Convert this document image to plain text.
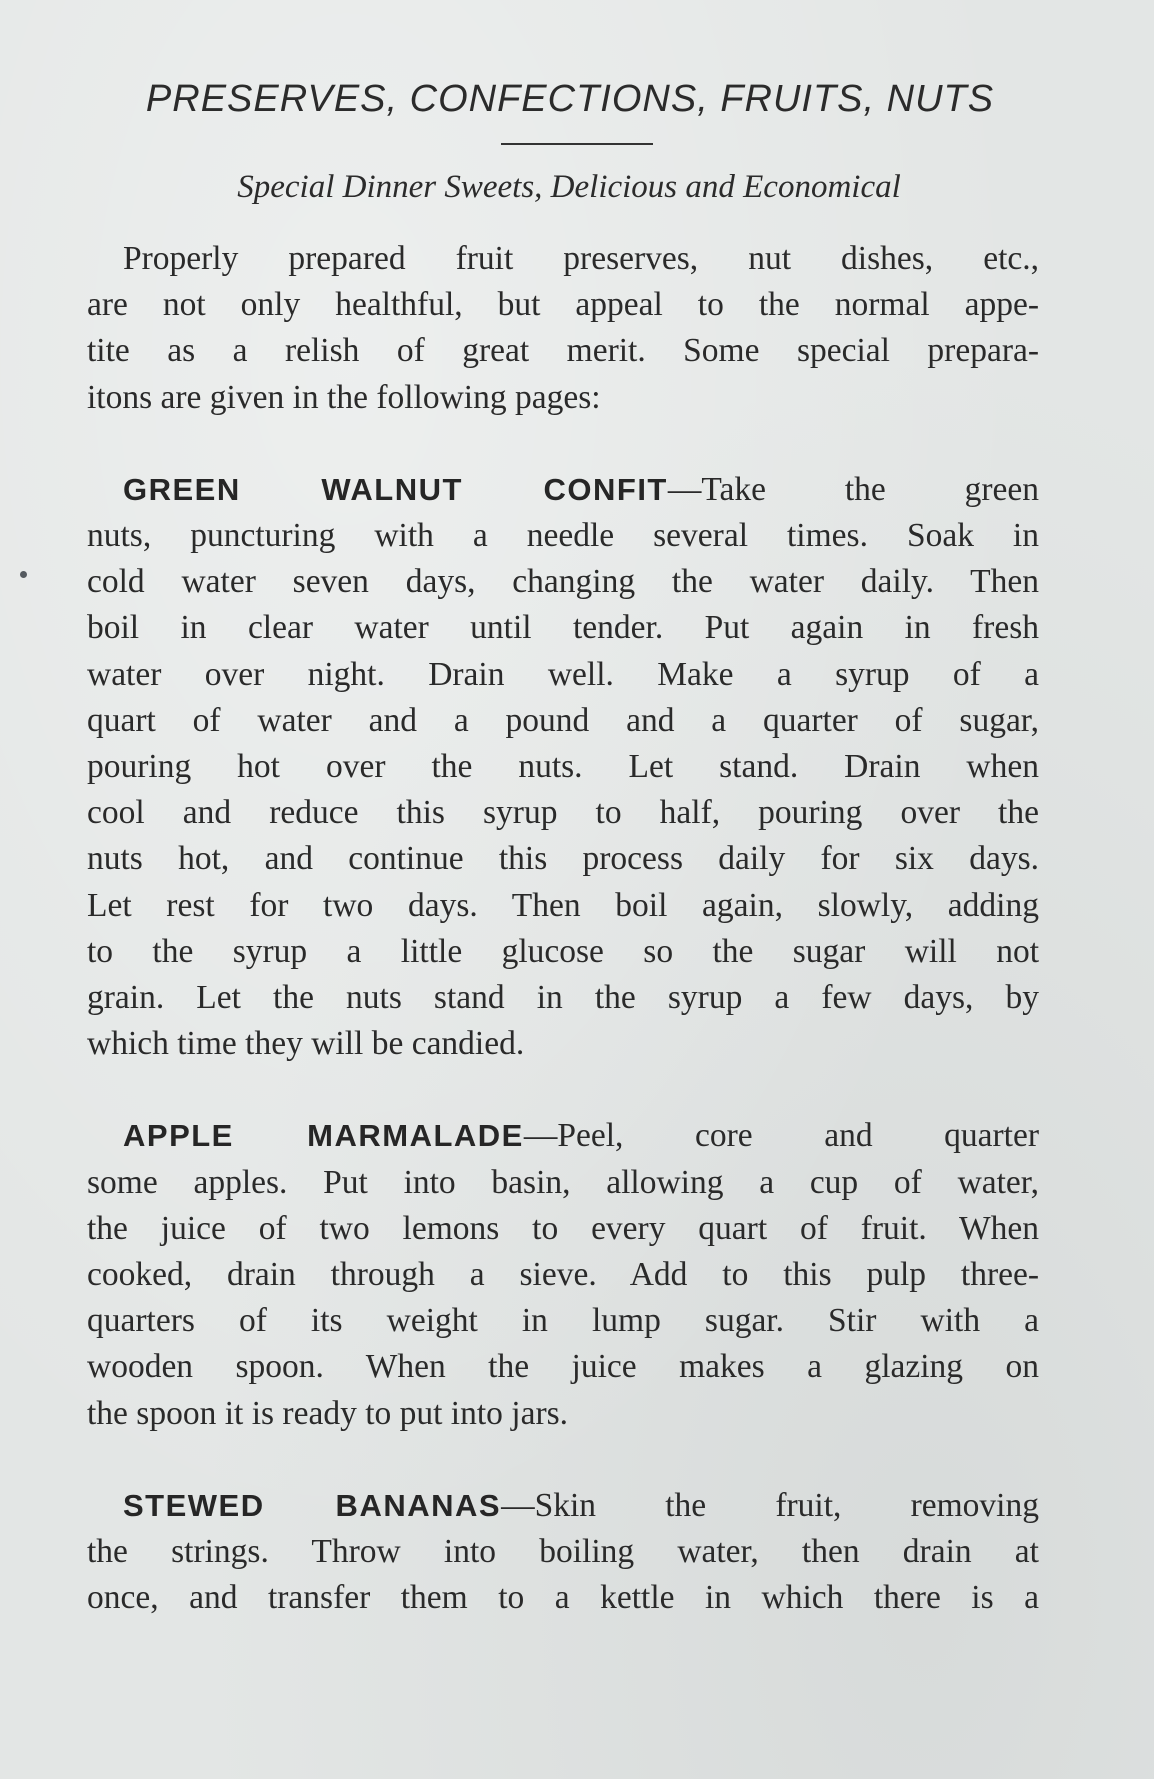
PRESERVES, CONFECTIONS, FRUITS, NUTS
Special Dinner Sweets, Delicious and Economical

Properly prepared fruit preserves, nut dishes, etc.,
are not only healthful, but appeal to the normal appe-
tite as a relish of great merit. Some special prepara-
itons are given in the following pages:

GREEN WALNUT CONFIT—Take the green
nuts, puncturing with a needle several times. Soak in
cold water seven days, changing the water daily. Then
boil in clear water until tender. Put again in fresh
water over night. Drain well. Make a syrup of a
quart of water and a pound and a quarter of sugar,
pouring hot over the nuts. Let stand. Drain when
cool and reduce this syrup to half, pouring over the
nuts hot, and continue this process daily for six days.
Let rest for two days. Then boil again, slowly, adding
to the syrup a little glucose so the sugar will not
grain. Let the nuts stand in the syrup a few days, by
which time they will be candied.

APPLE MARMALADE—Peel, core and quarter
some apples. Put into basin, allowing a cup of water,
the juice of two lemons to every quart of fruit. When
cooked, drain through a sieve. Add to this pulp three-
quarters of its weight in lump sugar. Stir with a
wooden spoon. When the juice makes a glazing on
the spoon it is ready to put into jars.

STEWED BANANAS—Skin the fruit, removing
the strings. Throw into boiling water, then drain at
once, and transfer them to a kettle in which there is a
